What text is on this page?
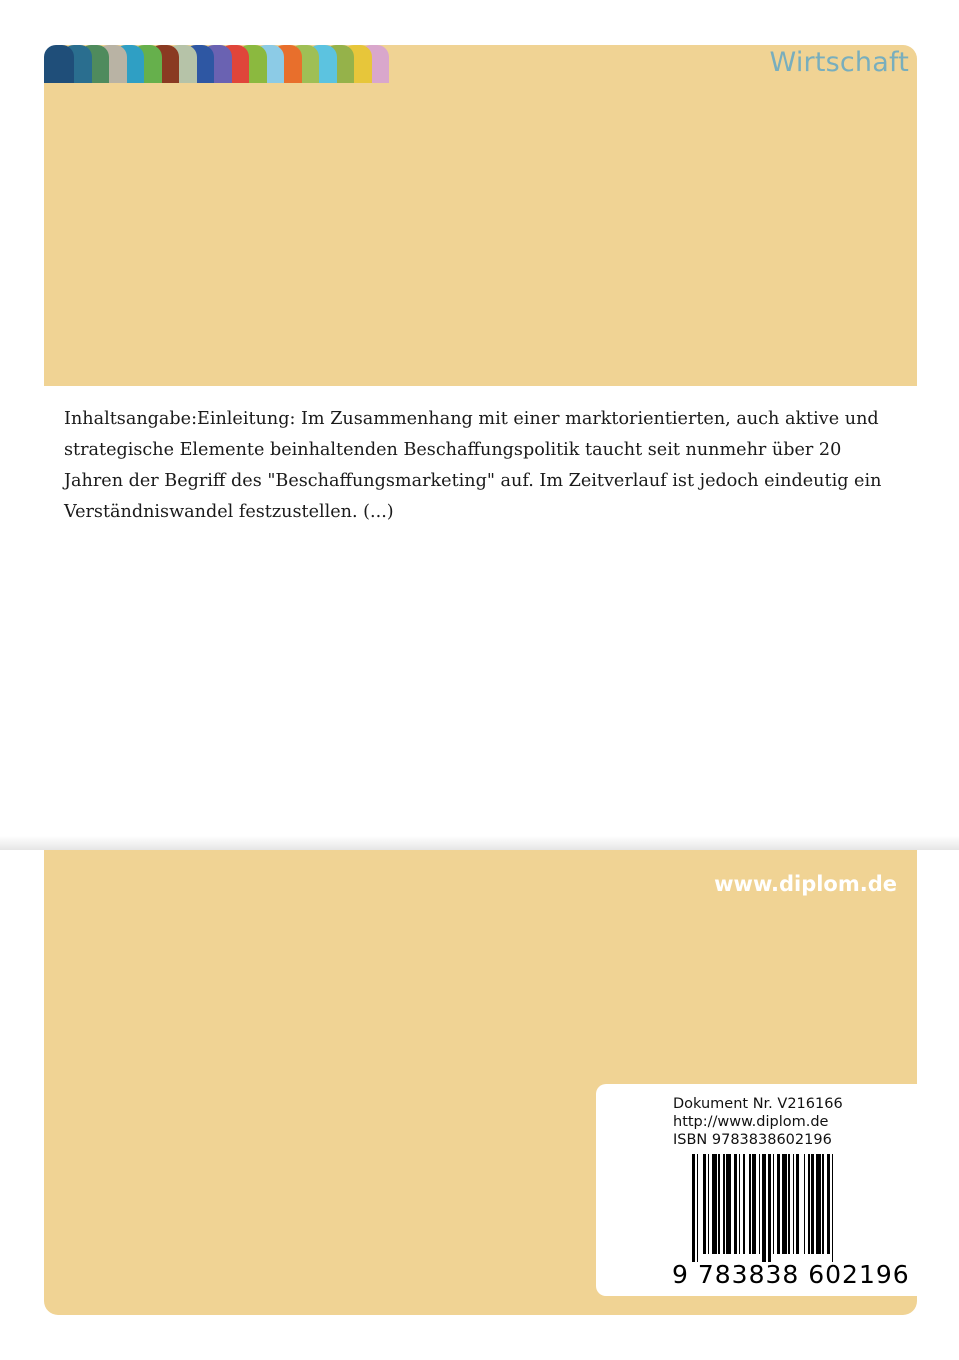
Wirtschaft

Inhaltsangabe:Einleitung: Im Zusammenhang mit einer marktorientierten, auch aktive und strategische Elemente beinhaltenden Beschaffungspolitik taucht seit nunmehr über 20 Jahren der Begriff des "Beschaffungsmarketing" auf. Im Zeitverlauf ist jedoch eindeutig ein Verständniswandel festzustellen. (...)

www.diplom.de
Dokument Nr. V216166
http://www.diplom.de
ISBN 9783838602196
9 783838 602196
